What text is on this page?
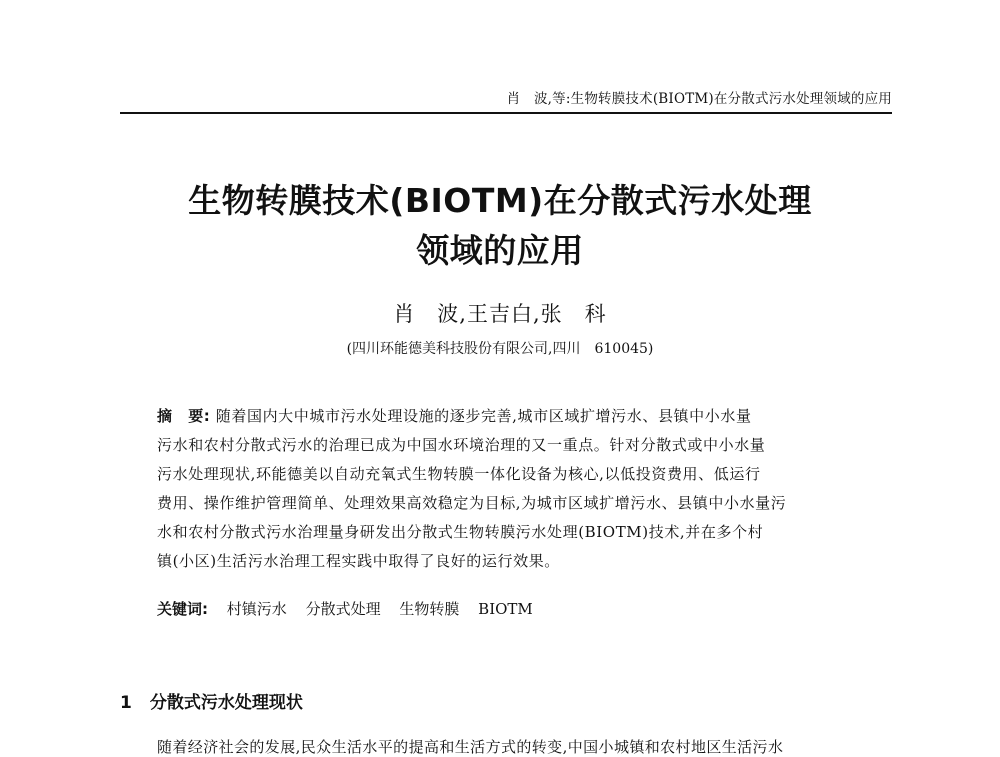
肖　波,等:生物转膜技术(BIOTM)在分散式污水处理领域的应用
生物转膜技术(BIOTM)在分散式污水处理
领域的应用
肖　波,王吉白,张　科
(四川环能德美科技股份有限公司,四川　610045)
摘　要: 随着国内大中城市污水处理设施的逐步完善,城市区域扩增污水、县镇中小水量
污水和农村分散式污水的治理已成为中国水环境治理的又一重点。针对分散式或中小水量
污水处理现状,环能德美以自动充氧式生物转膜一体化设备为核心,以低投资费用、低运行
费用、操作维护管理简单、处理效果高效稳定为目标,为城市区域扩增污水、县镇中小水量污
水和农村分散式污水治理量身研发出分散式生物转膜污水处理(BIOTM)技术,并在多个村
镇(小区)生活污水治理工程实践中取得了良好的运行效果。
关键词: 村镇污水 分散式处理 生物转膜 BIOTM
1 分散式污水处理现状
随着经济社会的发展,民众生活水平的提高和生活方式的转变,中国小城镇和农村地区生活污水
